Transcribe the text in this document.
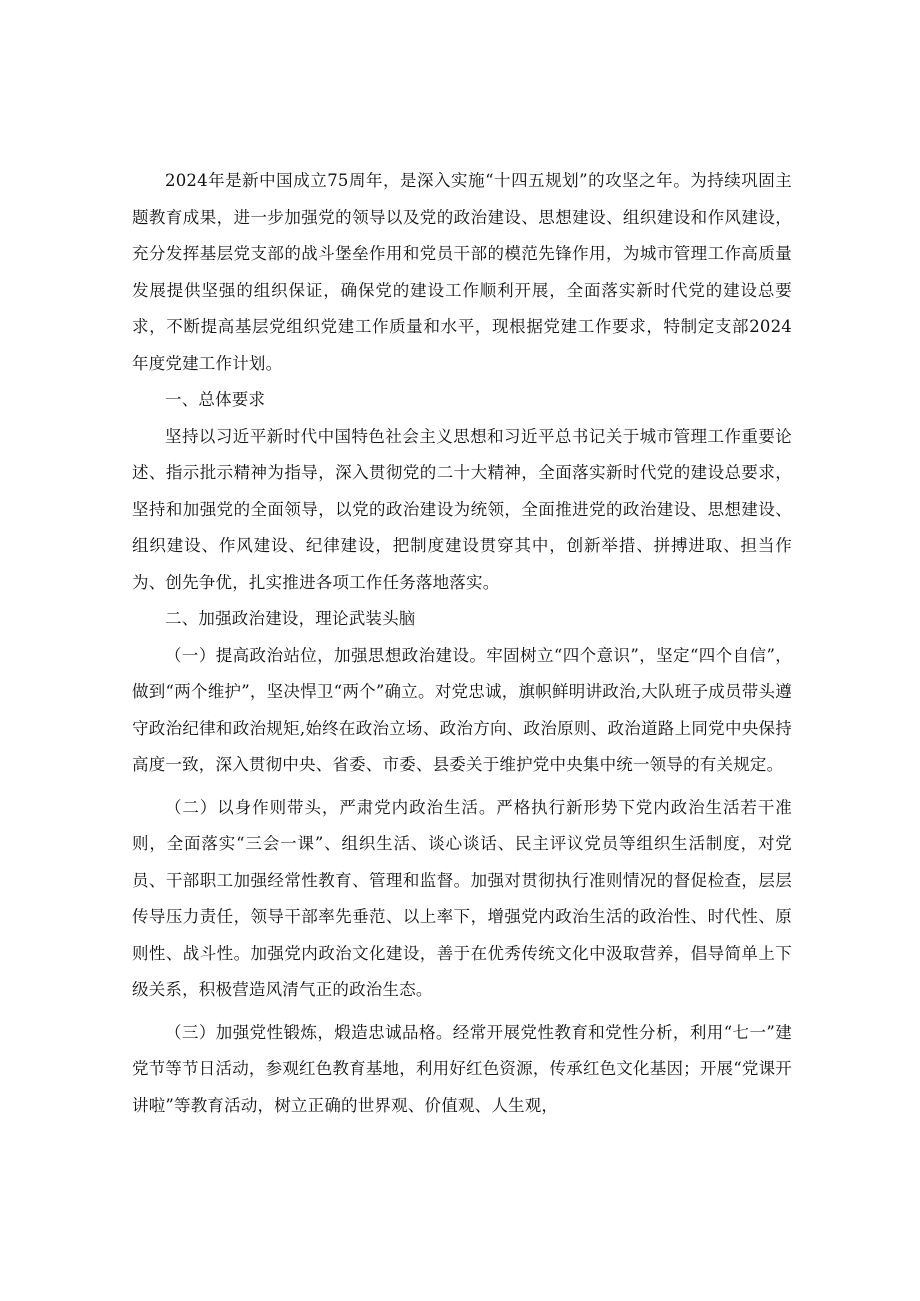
2024年是新中国成立75周年，是深入实施“十四五规划”的攻坚之年。为持续巩固主题教育成果，进一步加强党的领导以及党的政治建设、思想建设、组织建设和作风建设，充分发挥基层党支部的战斗堡垒作用和党员干部的模范先锋作用，为城市管理工作高质量发展提供坚强的组织保证，确保党的建设工作顺利开展，全面落实新时代党的建设总要求，不断提高基层党组织党建工作质量和水平，现根据党建工作要求，特制定支部2024年度党建工作计划。

一、总体要求

坚持以习近平新时代中国特色社会主义思想和习近平总书记关于城市管理工作重要论述、指示批示精神为指导，深入贯彻党的二十大精神，全面落实新时代党的建设总要求，坚持和加强党的全面领导，以党的政治建设为统领，全面推进党的政治建设、思想建设、组织建设、作风建设、纪律建设，把制度建设贯穿其中，创新举措、拼搏进取、担当作为、创先争优，扎实推进各项工作任务落地落实。

二、加强政治建设，理论武装头脑

（一）提高政治站位，加强思想政治建设。牢固树立“四个意识”，坚定“四个自信”，做到“两个维护”，坚决悍卫“两个”确立。对党忠诚，旗帜鲜明讲政治,大队班子成员带头遵守政治纪律和政治规矩,始终在政治立场、政治方向、政治原则、政治道路上同党中央保持高度一致，深入贯彻中央、省委、市委、县委关于维护党中央集中统一领导的有关规定。

（二）以身作则带头，严肃党内政治生活。严格执行新形势下党内政治生活若干准则，全面落实“三会一课”、组织生活、谈心谈话、民主评议党员等组织生活制度，对党员、干部职工加强经常性教育、管理和监督。加强对贯彻执行准则情况的督促检查，层层传导压力责任，领导干部率先垂范、以上率下，增强党内政治生活的政治性、时代性、原则性、战斗性。加强党内政治文化建设，善于在优秀传统文化中汲取营养，倡导简单上下级关系，积极营造风清气正的政治生态。

（三）加强党性锻炼，煅造忠诚品格。经常开展党性教育和党性分析，利用“七一”建党节等节日活动，参观红色教育基地，利用好红色资源，传承红色文化基因；开展“党课开讲啦”等教育活动，树立正确的世界观、价值观、人生观，
